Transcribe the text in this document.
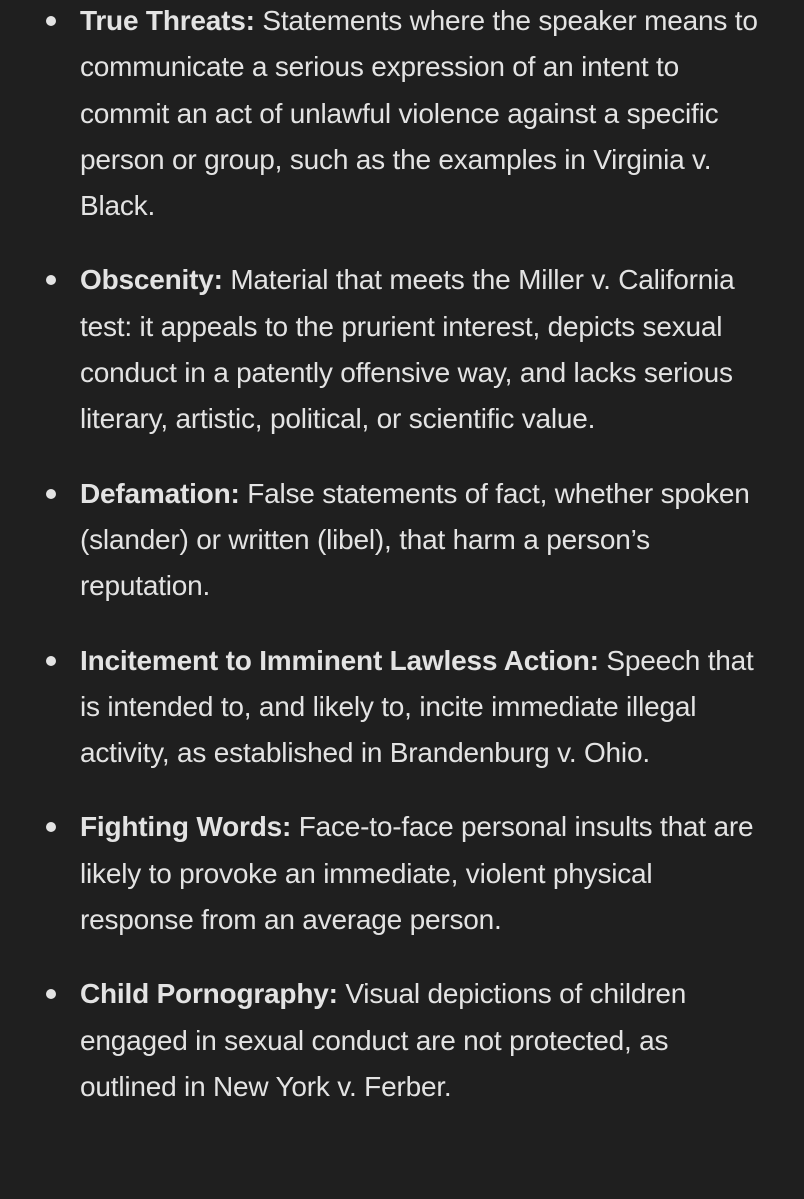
True Threats: Statements where the speaker means to communicate a serious expression of an intent to commit an act of unlawful violence against a specific person or group, such as the examples in Virginia v. Black.
Obscenity: Material that meets the Miller v. California test: it appeals to the prurient interest, depicts sexual conduct in a patently offensive way, and lacks serious literary, artistic, political, or scientific value.
Defamation: False statements of fact, whether spoken (slander) or written (libel), that harm a person’s reputation.
Incitement to Imminent Lawless Action: Speech that is intended to, and likely to, incite immediate illegal activity, as established in Brandenburg v. Ohio.
Fighting Words: Face-to-face personal insults that are likely to provoke an immediate, violent physical response from an average person.
Child Pornography: Visual depictions of children engaged in sexual conduct are not protected, as outlined in New York v. Ferber.
